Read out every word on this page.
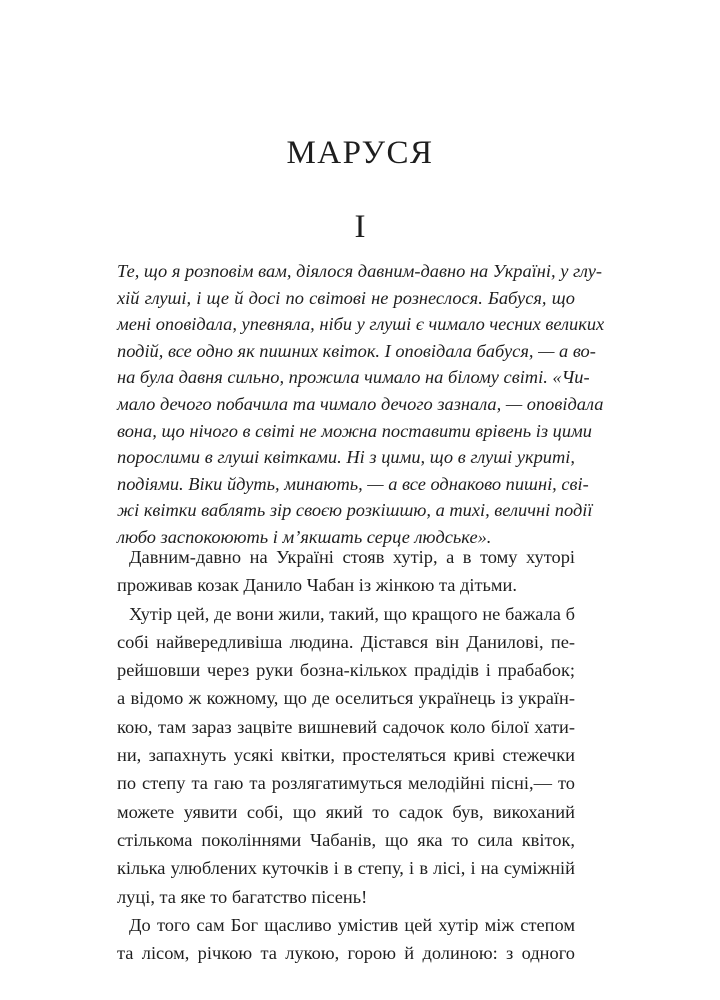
МАРУСЯ
I
Те, що я розповім вам, діялося давним-давно на Україні, у глу-
хій глуші, і ще й досі по світові не рознеслося. Бабуся, що
мені оповідала, упевняла, ніби у глуші є чимало чесних великих
подій, все одно як пишних квіток. І оповідала бабуся, — а во-
на була давня сильно, прожила чимало на білому світі. «Чи-
мало дечого побачила та чимало дечого зазнала, — оповідала
вона, що нічого в світі не можна поставити врівень із цими
порослими в глуші квітками. Ні з цими, що в глуші укриті,
подіями. Віки йдуть, минають, — а все однаково пишні, сві-
жі квітки ваблять зір своєю розкішшю, а тихі, величні події
любо заспокоюють і м’якшать серце людське».
Давним-давно на Україні стояв хутір, а в тому хуторі
проживав козак Данило Чабан із жінкою та дітьми.
Хутір цей, де вони жили, такий, що кращого не бажала б
собі найвередливіша людина. Дістався він Данилові, пе-
рейшовши через руки бозна-кількох прадідів і прабабок;
а відомо ж кожному, що де оселиться українець із україн-
кою, там зараз зацвіте вишневий садочок коло білої хати-
ни, запахнуть усякі квітки, простеляться криві стежечки
по степу та гаю та розлягатимуться мелодійні пісні,— то
можете уявити собі, що який то садок був, викоханий
стількома поколіннями Чабанів, що яка то сила квіток,
кілька улюблених куточків і в степу, і в лісі, і на суміжній
луці, та яке то багатство пісень!
До того сам Бог щасливо умістив цей хутір між степом
та лісом, річкою та лукою, горою й долиною: з одного
